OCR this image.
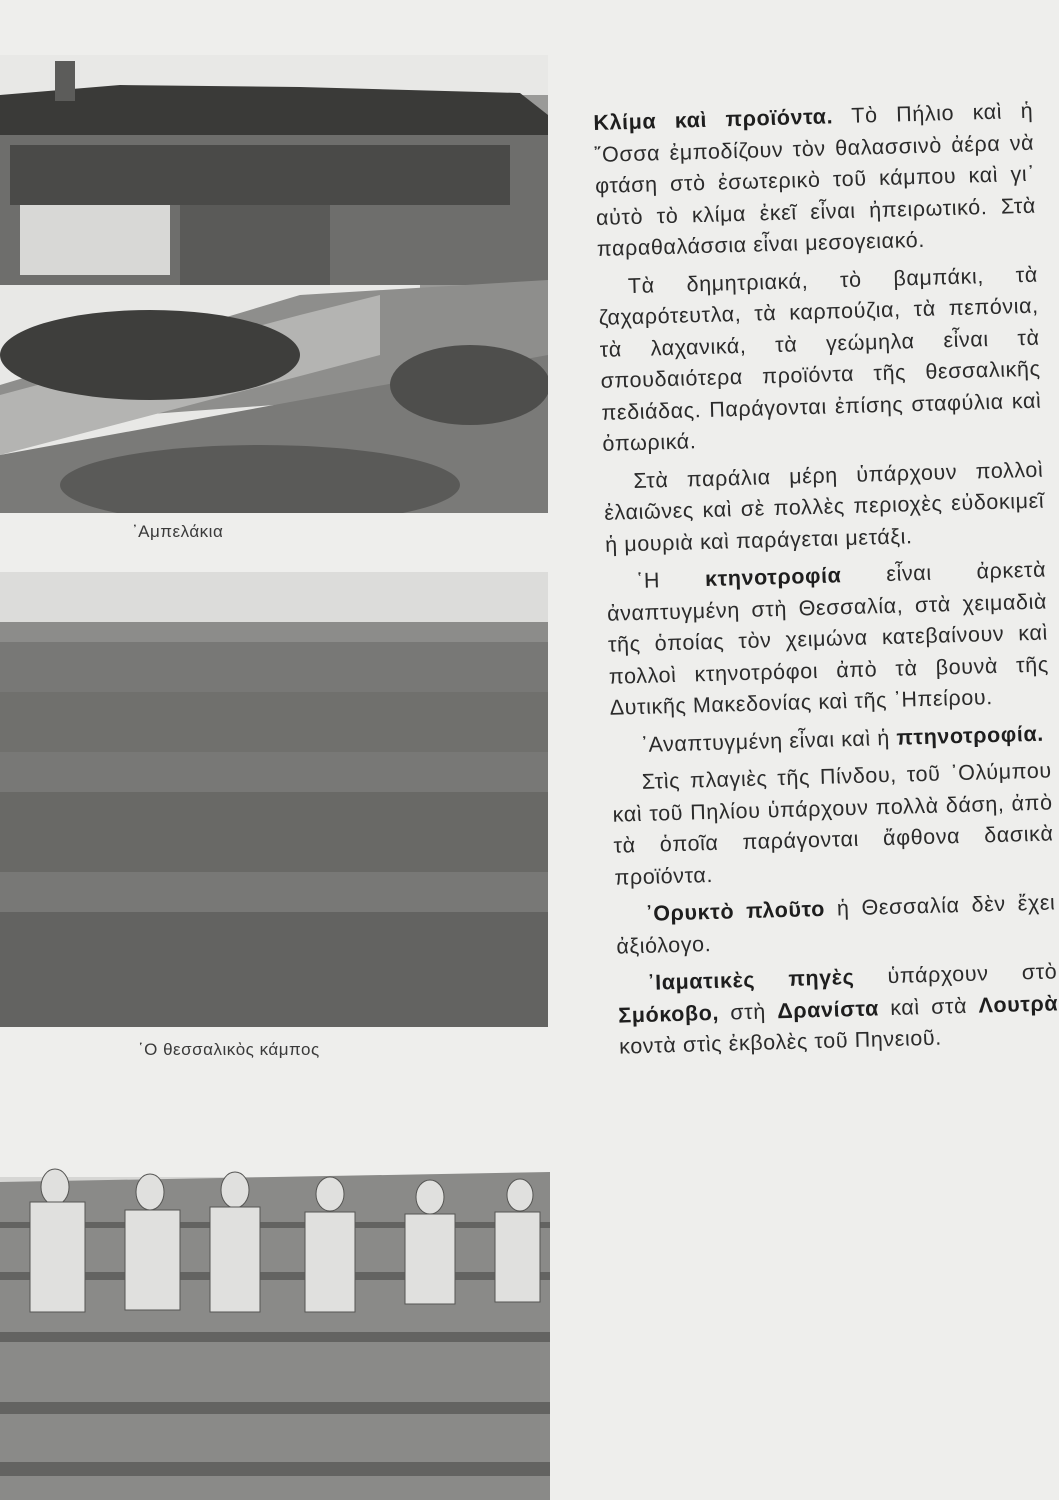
᾿Αμπελάκια
῾Ο θεσσαλικὸς κάμπος

Κλίμα καὶ προϊόντα. Τὸ Πήλιο καὶ ἡ ῎Οσσα ἐμποδίζουν τὸν θαλασσινὸ ἀέρα νὰ φτάση στὸ ἐσωτερικὸ τοῦ κάμπου καὶ γι᾿ αὐτὸ τὸ κλίμα ἐκεῖ εἶναι ἠπειρωτικό. Στὰ παραθαλάσσια εἶναι μεσογειακό.

Τὰ δημητριακά, τὸ βαμπάκι, τὰ ζαχαρότευτλα, τὰ καρπούζια, τὰ πεπόνια, τὰ λαχανικά, τὰ γεώμηλα εἶναι τὰ σπουδαιότερα προϊόντα τῆς θεσσαλικῆς πεδιάδας. Παράγονται ἐπίσης σταφύλια καὶ ὀπωρικά.

Στὰ παράλια μέρη ὑπάρχουν πολλοὶ ἐλαιῶνες καὶ σὲ πολλὲς περιοχὲς εὐδοκιμεῖ ἡ μουριὰ καὶ παράγεται μετάξι.

῾Η κτηνοτροφία εἶναι ἀρκετὰ ἀναπτυγμένη στὴ Θεσσαλία, στὰ χειμαδιὰ τῆς ὁποίας τὸν χειμώνα κατεβαίνουν καὶ πολλοὶ κτηνοτρόφοι ἀπὸ τὰ βουνὰ τῆς Δυτικῆς Μακεδονίας καὶ τῆς ᾿Ηπείρου.

᾿Αναπτυγμένη εἶναι καὶ ἡ πτηνοτροφία.

Στὶς πλαγιὲς τῆς Πίνδου, τοῦ ᾿Ολύμπου καὶ τοῦ Πηλίου ὑπάρχουν πολλὰ δάση, ἀπὸ τὰ ὁποῖα παράγονται ἄφθονα δασικὰ προϊόντα.

᾿Ορυκτὸ πλοῦτο ἡ Θεσσαλία δὲν ἔχει ἀξιόλογο.

᾿Ιαματικὲς πηγὲς ὑπάρχουν στὸ Σμόκοβο, στὴ Δρανίστα καὶ στὰ Λουτρὰ κοντὰ στὶς ἐκβολὲς τοῦ Πηνειοῦ.
